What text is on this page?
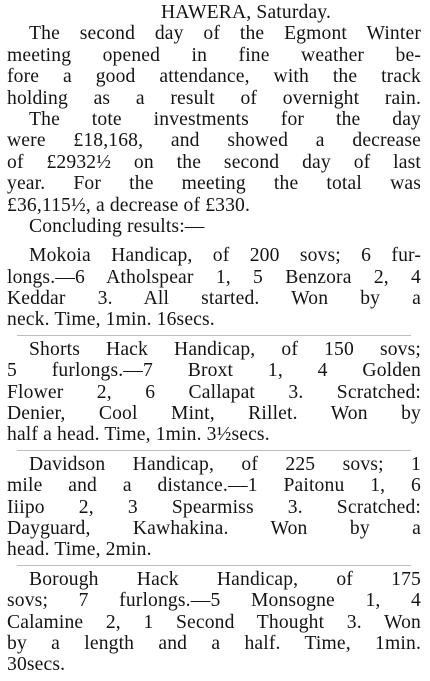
HAWERA, Saturday.
The second day of the Egmont Winter
meeting opened in fine weather be-
fore a good attendance, with the track
holding as a result of overnight rain.
The tote investments for the day
were £18,168, and showed a decrease
of £2932½ on the second day of last
year. For the meeting the total was
£36,115½, a decrease of £330.
Concluding results:—
Mokoia Handicap, of 200 sovs; 6 fur-
longs.—6 Atholspear 1, 5 Benzora 2, 4
Keddar 3. All started. Won by a
neck. Time, 1min. 16secs.
Shorts Hack Handicap, of 150 sovs;
5 furlongs.—7 Broxt 1, 4 Golden
Flower 2, 6 Callapat 3. Scratched:
Denier, Cool Mint, Rillet. Won by
half a head. Time, 1min. 3½secs.
Davidson Handicap, of 225 sovs; 1
mile and a distance.—1 Paitonu 1, 6
Iiipo 2, 3 Spearmiss 3. Scratched:
Dayguard, Kawhakina. Won by a
head. Time, 2min.
Borough Hack Handicap, of 175
sovs; 7 furlongs.—5 Monsogne 1, 4
Calamine 2, 1 Second Thought 3. Won
by a length and a half. Time, 1min.
30secs.
